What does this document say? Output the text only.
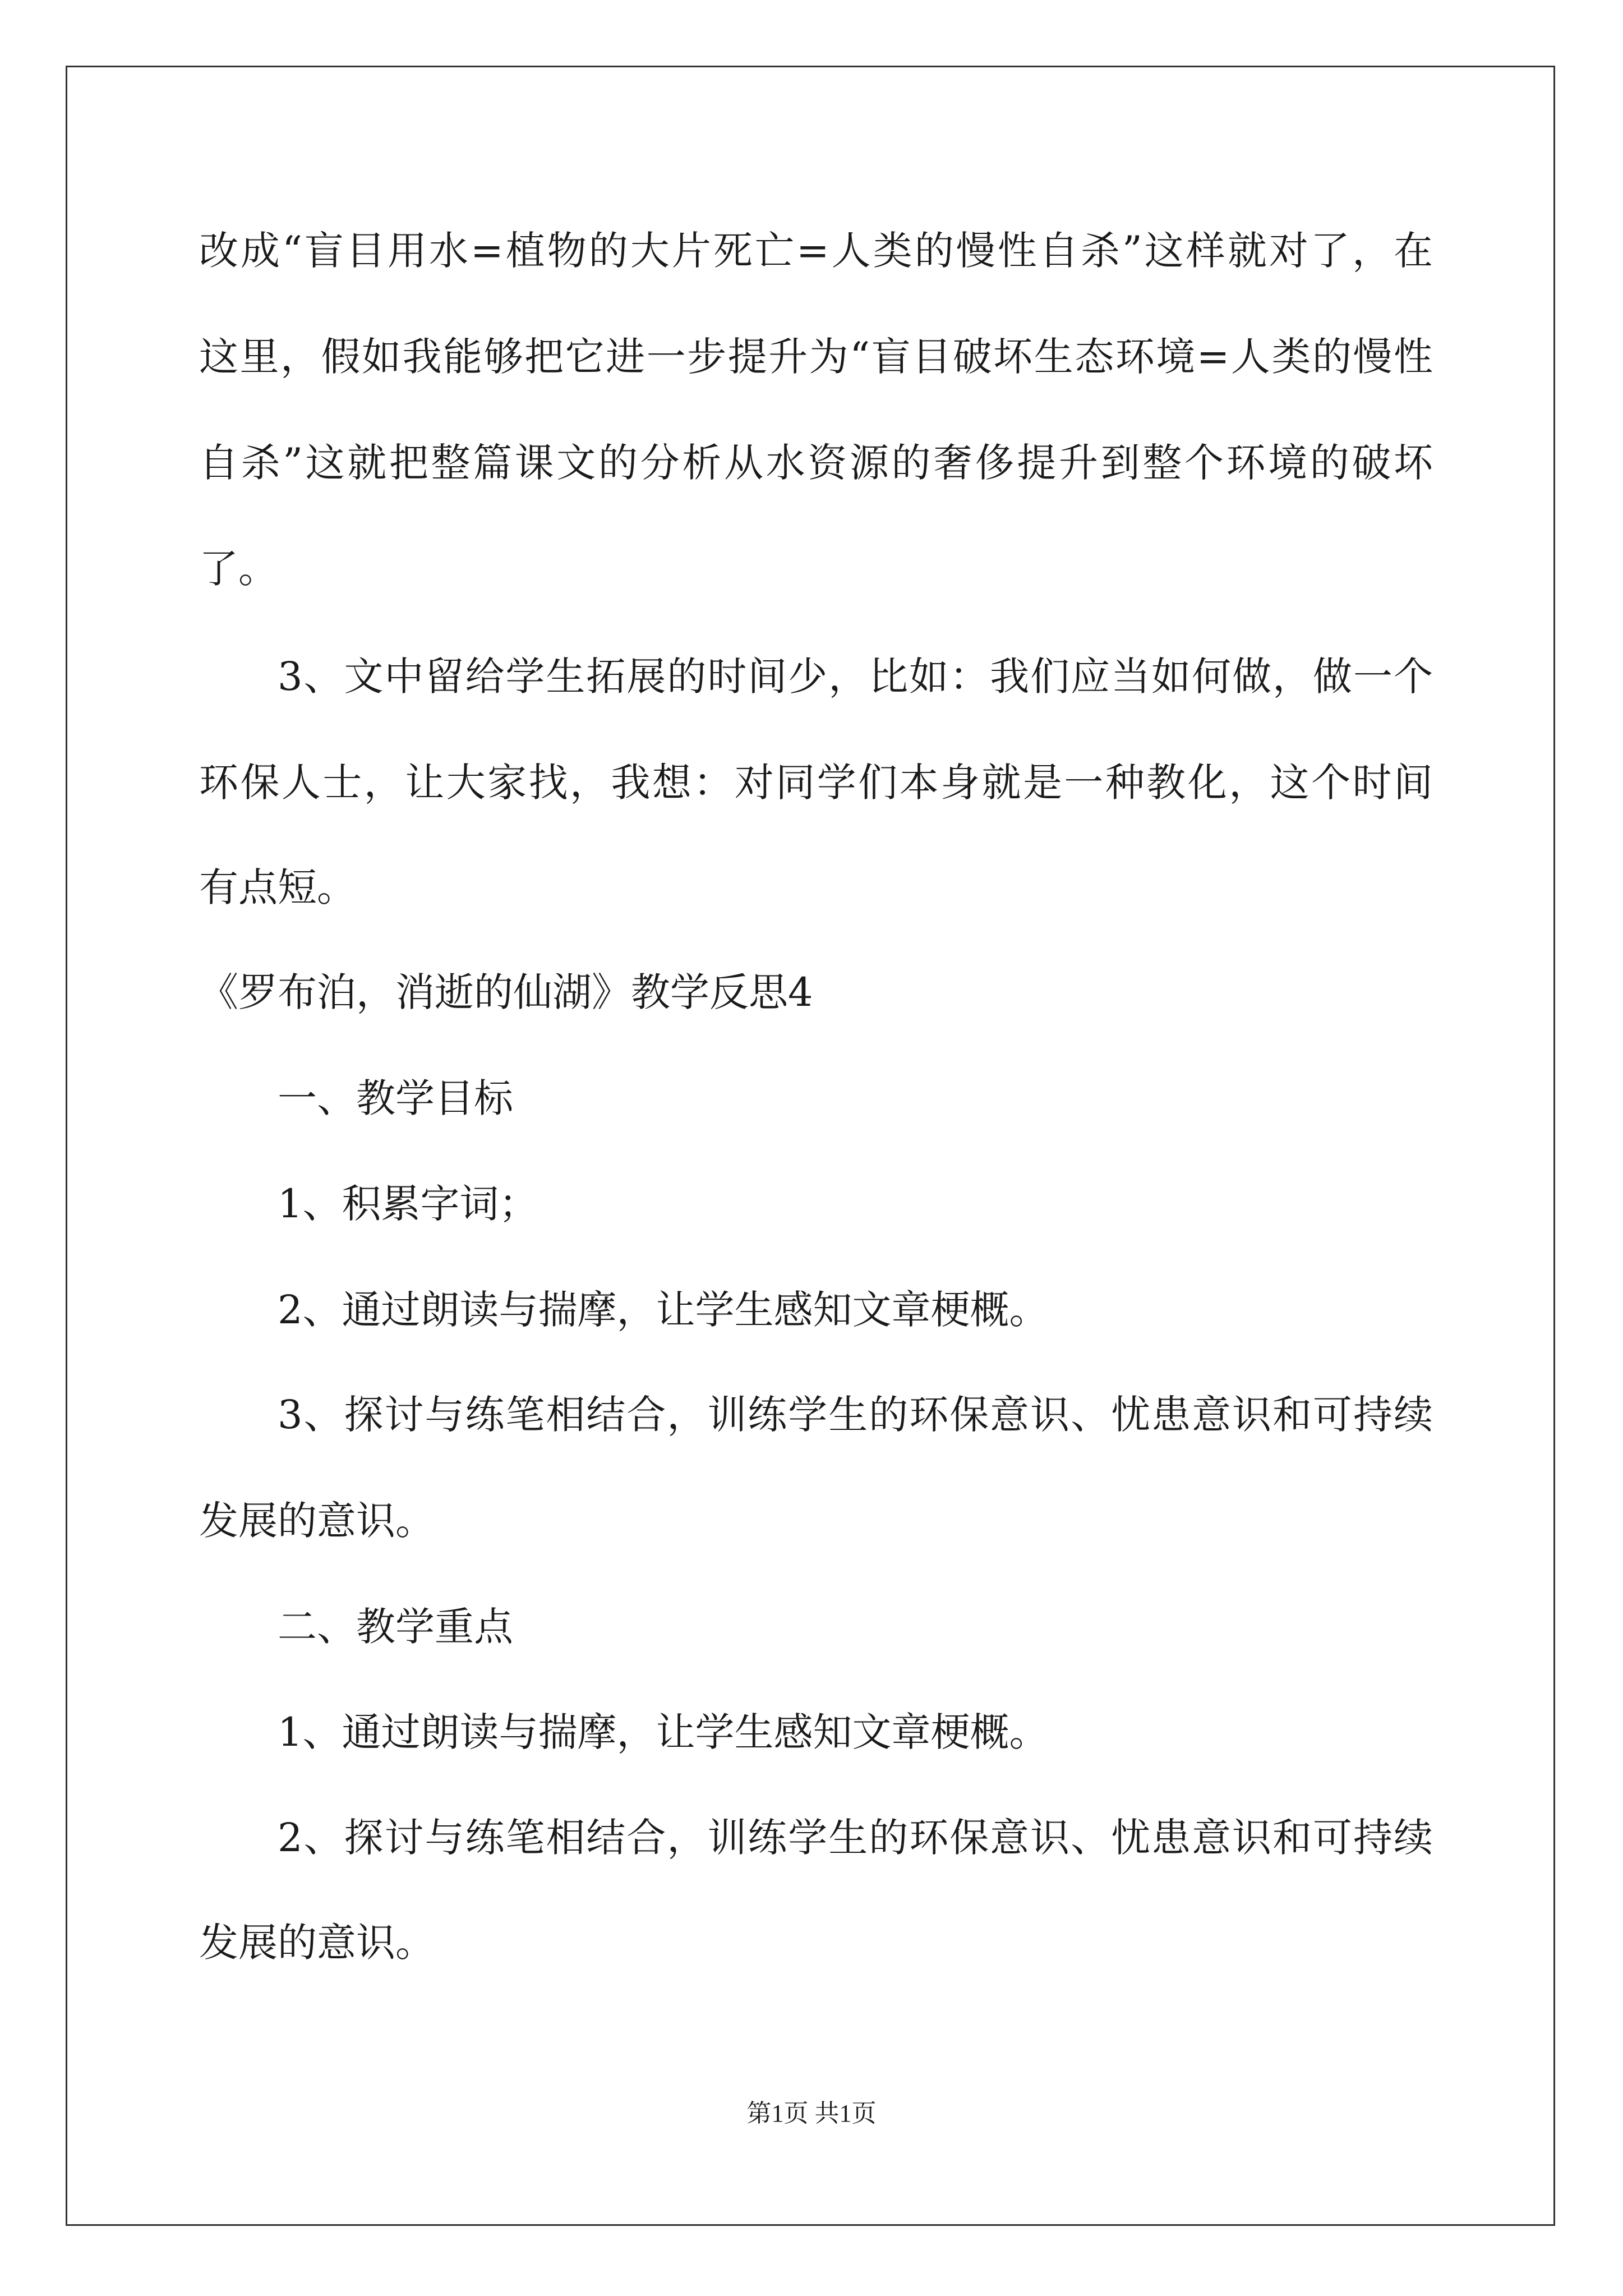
改成“盲目用水=植物的大片死亡=人类的慢性自杀”这样就对了，在
这里，假如我能够把它进一步提升为“盲目破坏生态环境=人类的慢性
自杀”这就把整篇课文的分析从水资源的奢侈提升到整个环境的破坏
了。
3、文中留给学生拓展的时间少，比如：我们应当如何做，做一个
环保人士，让大家找，我想：对同学们本身就是一种教化，这个时间
有点短。
《罗布泊，消逝的仙湖》教学反思4
一、教学目标
1、积累字词；
2、通过朗读与揣摩，让学生感知文章梗概。
3、探讨与练笔相结合，训练学生的环保意识、忧患意识和可持续
发展的意识。
二、教学重点
1、通过朗读与揣摩，让学生感知文章梗概。
2、探讨与练笔相结合，训练学生的环保意识、忧患意识和可持续
发展的意识。
第1页 共1页
